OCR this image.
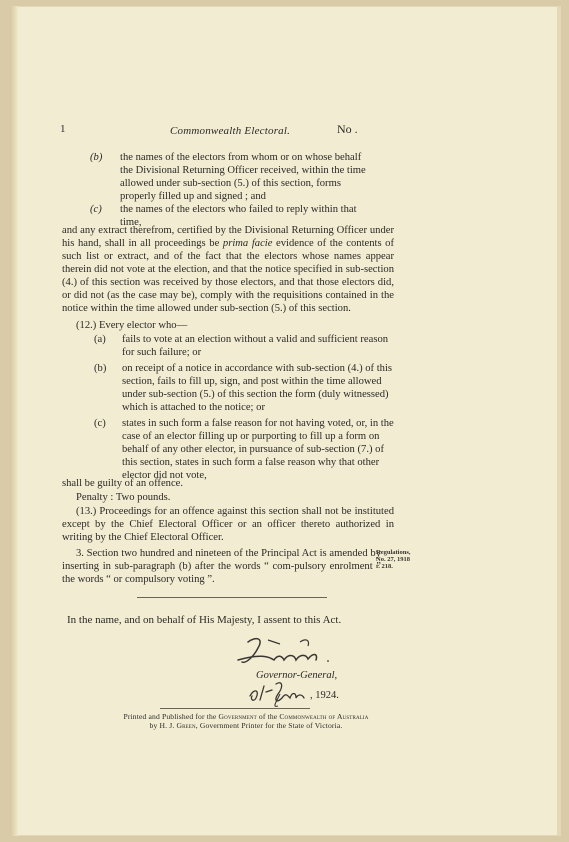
1	Commonwealth Electoral.	No .
(b) the names of the electors from whom or on whose behalf the Divisional Returning Officer received, within the time allowed under sub-section (5.) of this section, forms properly filled up and signed ; and
(c) the names of the electors who failed to reply within that time,

and any extract therefrom, certified by the Divisional Returning Officer under his hand, shall in all proceedings be prima facie evidence of the contents of such list or extract, and of the fact that the electors whose names appear therein did not vote at the election, and that the notice specified in sub-section (4.) of this section was received by those electors, and that those electors did, or did not (as the case may be), comply with the requisitions contained in the notice within the time allowed under sub-section (5.) of this section.

(12.) Every elector who—

(a) fails to vote at an election without a valid and sufficient reason for such failure; or
(b) on receipt of a notice in accordance with sub-section (4.) of this section, fails to fill up, sign, and post within the time allowed under sub-section (5.) of this section the form (duly witnessed) which is attached to the notice; or
(c) states in such form a false reason for not having voted, or, in the case of an elector filling up or purporting to fill up a form on behalf of any other elector, in pursuance of sub-section (7.) of this section, states in such form a false reason why that other elector did not vote,

shall be guilty of an offence.

Penalty : Two pounds.

(13.) Proceedings for an offence against this section shall not be instituted except by the Chief Electoral Officer or an officer thereto authorized in writing by the Chief Electoral Officer.

3. Section two hundred and nineteen of the Principal Act is amended by inserting in sub-paragraph (b) after the words “ com-pulsory enrolment ” the words “ or compulsory voting ”.

Regulations,
No. 27, 1918
r. 218.

In the name, and on behalf of His Majesty, I assent to this Act.

Governor-General,
, 1924.
Printed and Published for the Government of the Commonwealth of Australia
by H. J. Green, Government Printer for the State of Victoria.
